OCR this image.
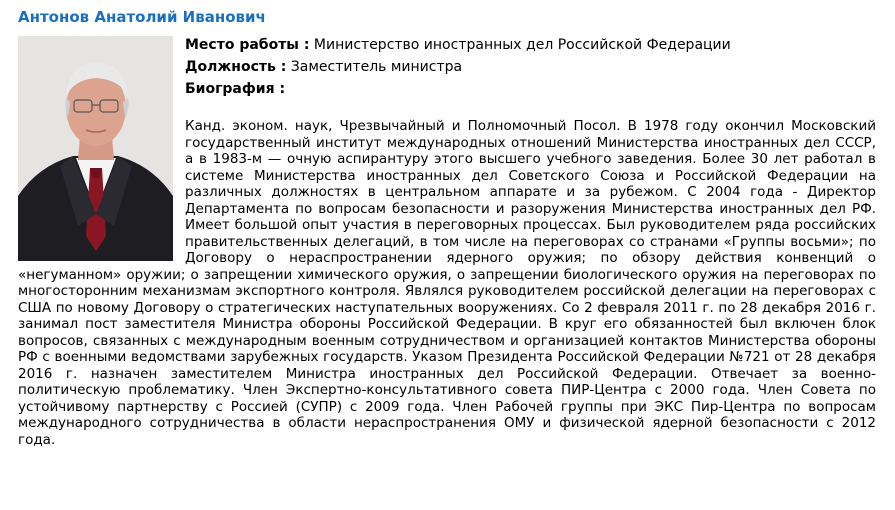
Антонов Анатолий Иванович
Место работы : Министерство иностранных дел Российской Федерации
Должность : Заместитель министра
Биография :

Канд. эконом. наук, Чрезвычайный и Полномочный Посол. В 1978 году окончил Московский государственный институт международных отношений Министерства иностранных дел СССР, а в 1983-м — очную аспирантуру этого высшего учебного заведения. Более 30 лет работал в системе Министерства иностранных дел Советского Союза и Российской Федерации на различных должностях в центральном аппарате и за рубежом. С 2004 года - Директор Департамента по вопросам безопасности и разоружения Министерства иностранных дел РФ. Имеет большой опыт участия в переговорных процессах. Был руководителем ряда российских правительственных делегаций, в том числе на переговорах со странами «Группы восьми»; по Договору о нераспространении ядерного оружия; по обзору действия конвенций о «негуманном» оружии; о запрещении химического оружия, о запрещении биологического оружия на переговорах по многосторонним механизмам экспортного контроля. Являлся руководителем российской делегации на переговорах с США по новому Договору о стратегических наступательных вооружениях. Со 2 февраля 2011 г. по 28 декабря 2016 г. занимал пост заместителя Министра обороны Российской Федерации. В круг его обязанностей был включен блок вопросов, связанных с международным военным сотрудничеством и организацией контактов Министерства обороны РФ с военными ведомствами зарубежных государств. Указом Президента Российской Федерации №721 от 28 декабря 2016 г. назначен заместителем Министра иностранных дел Российской Федерации. Отвечает за военно-политическую проблематику. Член Экспертно-консультативного совета ПИР-Центра с 2000 года. Член Совета по устойчивому партнерству с Россией (СУПР) с 2009 года. Член Рабочей группы при ЭКС Пир-Центра по вопросам международного сотрудничества в области нераспространения ОМУ и физической ядерной безопасности с 2012 года.
